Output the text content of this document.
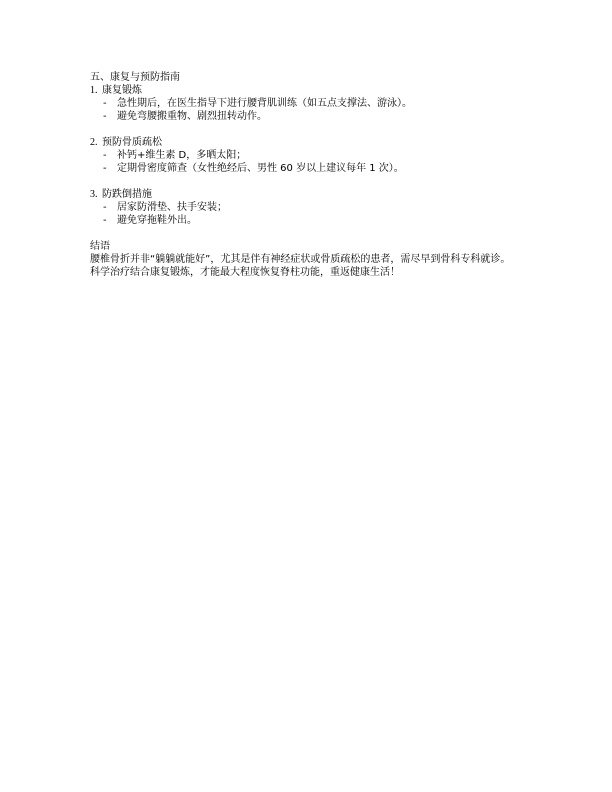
五、康复与预防指南
1. 康复锻炼
-	急性期后，在医生指导下进行腰背肌训练（如五点支撑法、游泳）。
-	避免弯腰搬重物、剧烈扭转动作。
2. 预防骨质疏松
-	补钙+维生素 D，多晒太阳；
-	定期骨密度筛查（女性绝经后、男性 60 岁以上建议每年 1 次）。
3. 防跌倒措施
-	居家防滑垫、扶手安装；
-	避免穿拖鞋外出。
结语
腰椎骨折并非“躺躺就能好”，尤其是伴有神经症状或骨质疏松的患者，需尽早到骨科专科就诊。
科学治疗结合康复锻炼，才能最大程度恢复脊柱功能，重返健康生活！
